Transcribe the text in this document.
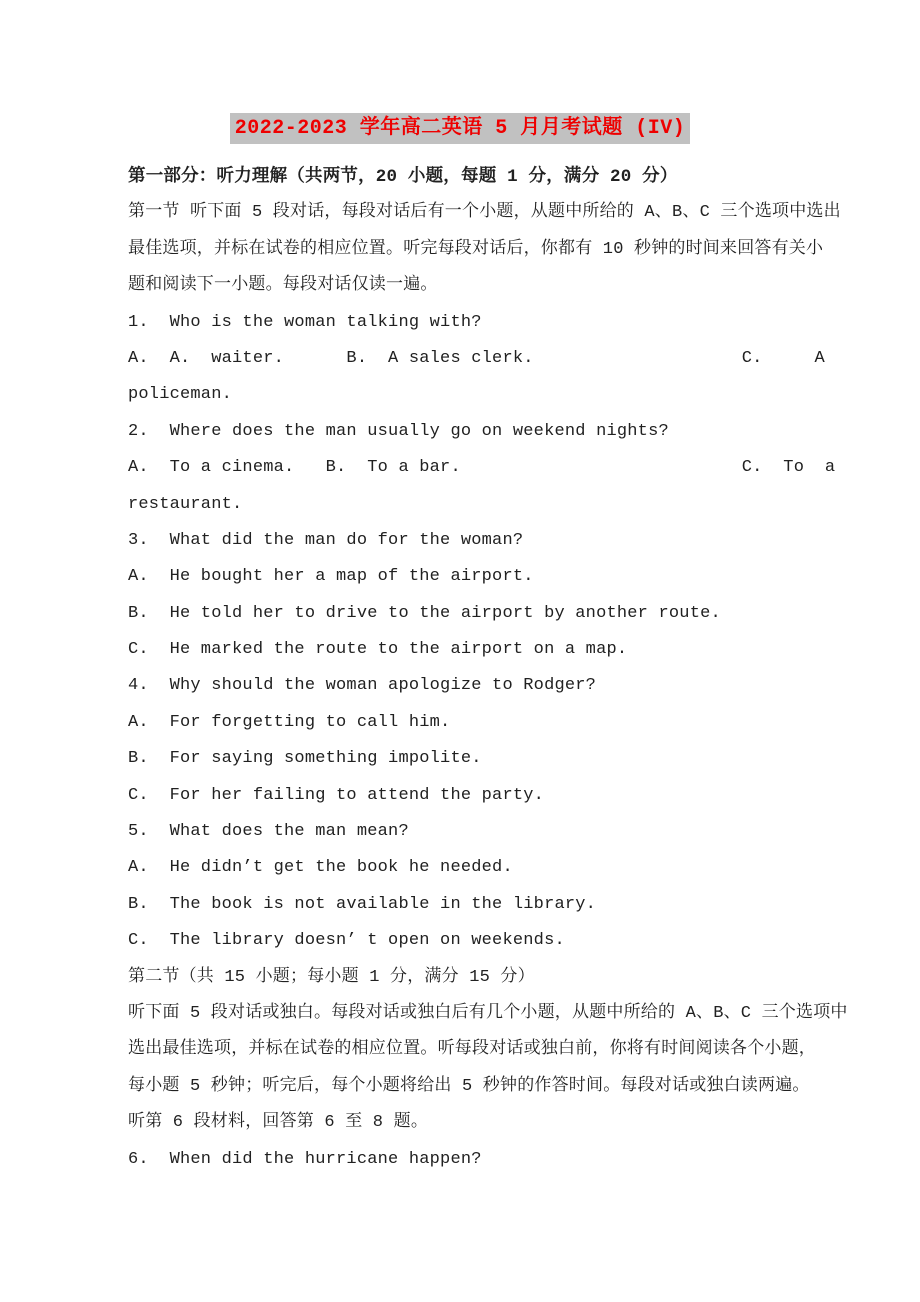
2022-2023 学年高二英语 5 月月考试题 (IV)
第一部分：听力理解（共两节，20 小题，每题 1 分，满分 20 分）
第一节 听下面 5 段对话，每段对话后有一个小题，从题中所给的 A、B、C 三个选项中选出
最佳选项，并标在试卷的相应位置。听完每段对话后，你都有 10 秒钟的时间来回答有关小
题和阅读下一小题。每段对话仅读一遍。
1.  Who is the woman talking with?
A.  A.  waiter.      B.  A sales clerk.                    C.     A
policeman.
2.  Where does the man usually go on weekend nights?
A.  To a cinema.   B.  To a bar.                           C.  To  a
restaurant.
3.  What did the man do for the woman?
A.  He bought her a map of the airport.
B.  He told her to drive to the airport by another route.
C.  He marked the route to the airport on a map.
4.  Why should the woman apologize to Rodger?
A.  For forgetting to call him.
B.  For saying something impolite.
C.  For her failing to attend the party.
5.  What does the man mean?
A.  He didn’t get the book he needed.
B.  The book is not available in the library.
C.  The library doesn’ t open on weekends.
第二节（共 15 小题；每小题 1 分，满分 15 分）
听下面 5 段对话或独白。每段对话或独白后有几个小题，从题中所给的 A、B、C 三个选项中
选出最佳选项，并标在试卷的相应位置。听每段对话或独白前，你将有时间阅读各个小题，
每小题 5 秒钟；听完后，每个小题将给出 5 秒钟的作答时间。每段对话或独白读两遍。
听第 6 段材料，回答第 6 至 8 题。
6.  When did the hurricane happen?
